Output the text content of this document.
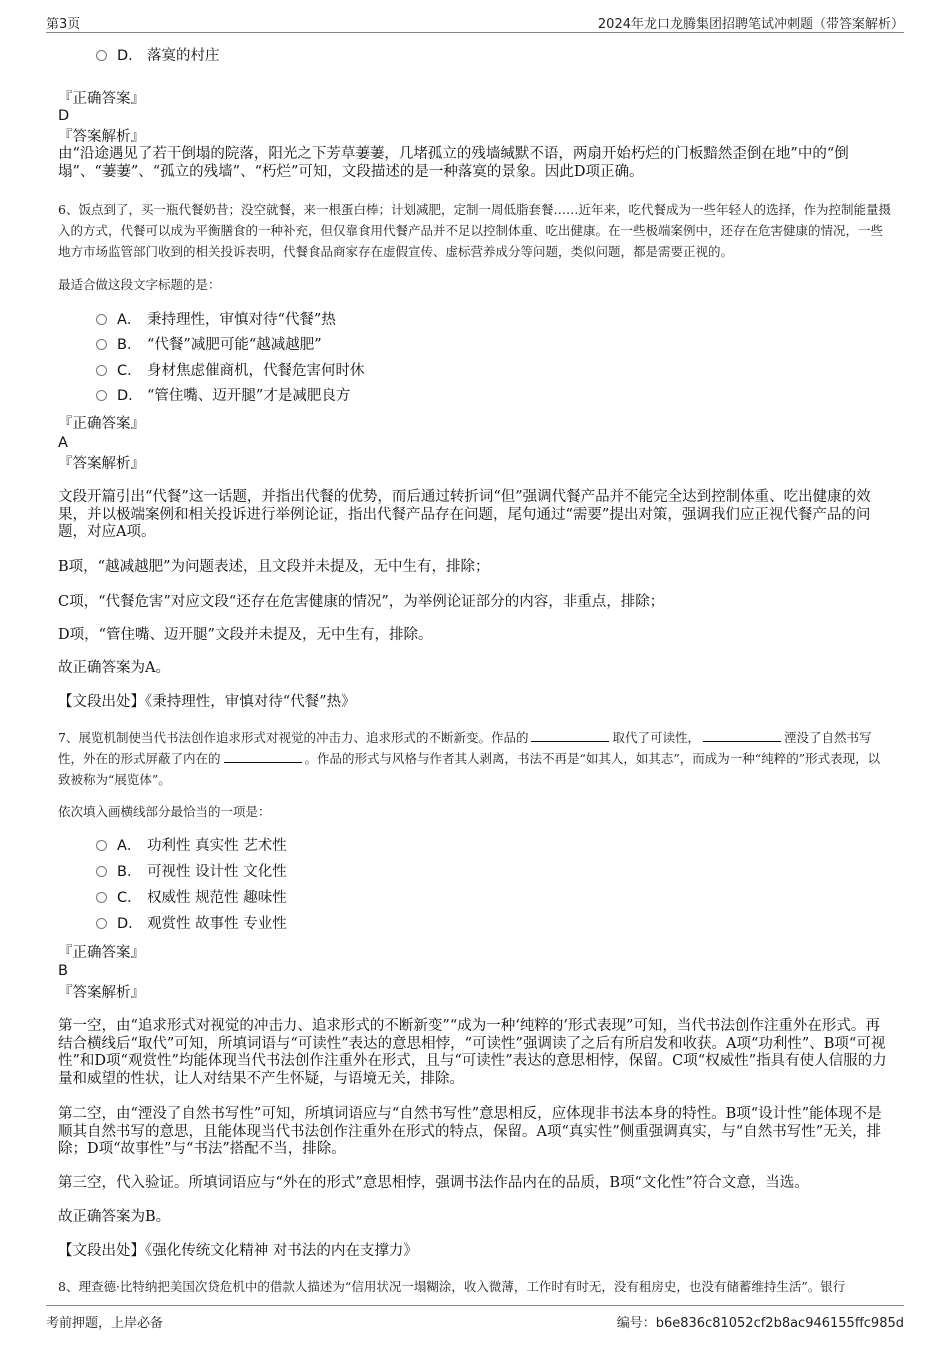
第3页	2024年龙口龙腾集团招聘笔试冲刺题（带答案解析）
D． 落寞的村庄
『正确答案』
D
『答案解析』
由“沿途遇见了若干倒塌的院落，阳光之下芳草萋萋，几堵孤立的残墙缄默不语，两扇开始朽烂的门板黯然歪倒在地”中的“倒塌”、“萋萋”、“孤立的残墙”、“朽烂”可知，文段描述的是一种落寞的景象。因此D项正确。
6、饭点到了，买一瓶代餐奶昔；没空就餐，来一根蛋白棒；计划减肥，定制一周低脂套餐……近年来，吃代餐成为一些年轻人的选择，作为控制能量摄入的方式，代餐可以成为平衡膳食的一种补充，但仅靠食用代餐产品并不足以控制体重、吃出健康。在一些极端案例中，还存在危害健康的情况，一些地方市场监管部门收到的相关投诉表明，代餐食品商家存在虚假宣传、虚标营养成分等问题，类似问题，都是需要正视的。
最适合做这段文字标题的是：
A． 秉持理性，审慎对待“代餐”热
B． “代餐”减肥可能“越减越肥”
C． 身材焦虑催商机，代餐危害何时休
D． “管住嘴、迈开腿”才是减肥良方
『正确答案』
A
『答案解析』
文段开篇引出“代餐”这一话题，并指出代餐的优势，而后通过转折词“但”强调代餐产品并不能完全达到控制体重、吃出健康的效果，并以极端案例和相关投诉进行举例论证，指出代餐产品存在问题，尾句通过“需要”提出对策，强调我们应正视代餐产品的问题，对应A项。
B项，“越减越肥”为问题表述，且文段并未提及，无中生有，排除；
C项，“代餐危害”对应文段“还存在危害健康的情况”，为举例论证部分的内容，非重点，排除；
D项，“管住嘴、迈开腿”文段并未提及，无中生有，排除。
故正确答案为A。
【文段出处】《秉持理性，审慎对待“代餐”热》
7、展览机制使当代书法创作追求形式对视觉的冲击力、追求形式的不断新变。作品的	取代了可读性，	湮没了自然书写性，外在的形式屏蔽了内在的	。作品的形式与风格与作者其人剥离，书法不再是“如其人，如其志”，而成为一种“纯粹的”形式表现，以致被称为“展览体”。
依次填入画横线部分最恰当的一项是：
A． 功利性 真实性 艺术性
B． 可视性 设计性 文化性
C． 权威性 规范性 趣味性
D． 观赏性 故事性 专业性
『正确答案』
B
『答案解析』
第一空，由“追求形式对视觉的冲击力、追求形式的不断新变”“成为一种‘纯粹的’形式表现”可知，当代书法创作注重外在形式。再结合横线后“取代”可知，所填词语与“可读性”表达的意思相悖，“可读性”强调读了之后有所启发和收获。A项“功利性”、B项“可视性”和D项“观赏性”均能体现当代书法创作注重外在形式，且与“可读性”表达的意思相悖，保留。C项“权威性”指具有使人信服的力量和威望的性状，让人对结果不产生怀疑，与语境无关，排除。
第二空，由“湮没了自然书写性”可知，所填词语应与“自然书写性”意思相反，应体现非书法本身的特性。B项“设计性”能体现不是顺其自然书写的意思，且能体现当代书法创作注重外在形式的特点，保留。A项“真实性”侧重强调真实，与“自然书写性”无关，排除；D项“故事性”与“书法”搭配不当，排除。
第三空，代入验证。所填词语应与“外在的形式”意思相悖，强调书法作品内在的品质，B项“文化性”符合文意，当选。
故正确答案为B。
【文段出处】《强化传统文化精神 对书法的内在支撑力》
8、理查德·比特纳把美国次贷危机中的借款人描述为“信用状况一塌糊涂，收入微薄，工作时有时无，没有租房史，也没有储蓄维持生活”。银行
考前押题，上岸必备	编号：b6e836c81052cf2b8ac946155ffc985d
